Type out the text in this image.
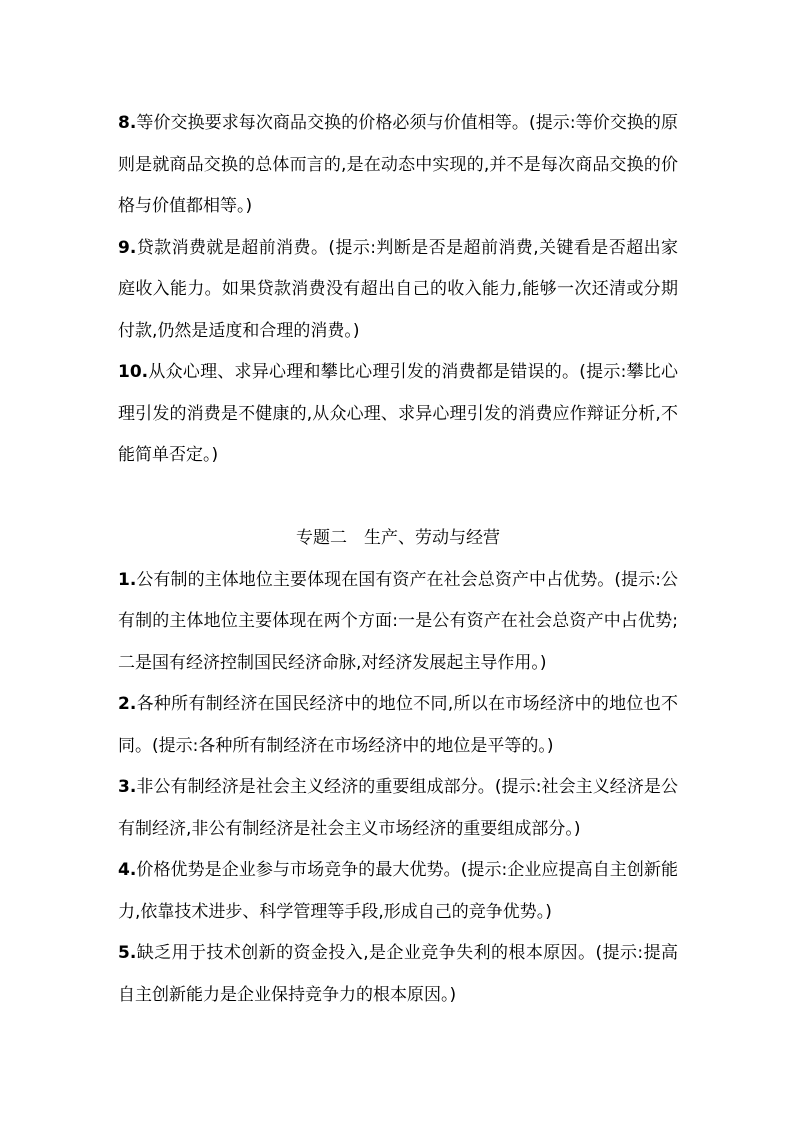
8.等价交换要求每次商品交换的价格必须与价值相等。(提示:等价交换的原则是就商品交换的总体而言的,是在动态中实现的,并不是每次商品交换的价格与价值都相等。)

9.贷款消费就是超前消费。(提示:判断是否是超前消费,关键看是否超出家庭收入能力。如果贷款消费没有超出自己的收入能力,能够一次还清或分期付款,仍然是适度和合理的消费。)

10.从众心理、求异心理和攀比心理引发的消费都是错误的。(提示:攀比心理引发的消费是不健康的,从众心理、求异心理引发的消费应作辩证分析,不能简单否定。)

专题二　生产、劳动与经营

1.公有制的主体地位主要体现在国有资产在社会总资产中占优势。(提示:公有制的主体地位主要体现在两个方面:一是公有资产在社会总资产中占优势;二是国有经济控制国民经济命脉,对经济发展起主导作用。)

2.各种所有制经济在国民经济中的地位不同,所以在市场经济中的地位也不同。(提示:各种所有制经济在市场经济中的地位是平等的。)

3.非公有制经济是社会主义经济的重要组成部分。(提示:社会主义经济是公有制经济,非公有制经济是社会主义市场经济的重要组成部分。)

4.价格优势是企业参与市场竞争的最大优势。(提示:企业应提高自主创新能力,依靠技术进步、科学管理等手段,形成自己的竞争优势。)

5.缺乏用于技术创新的资金投入,是企业竞争失利的根本原因。(提示:提高自主创新能力是企业保持竞争力的根本原因。)
